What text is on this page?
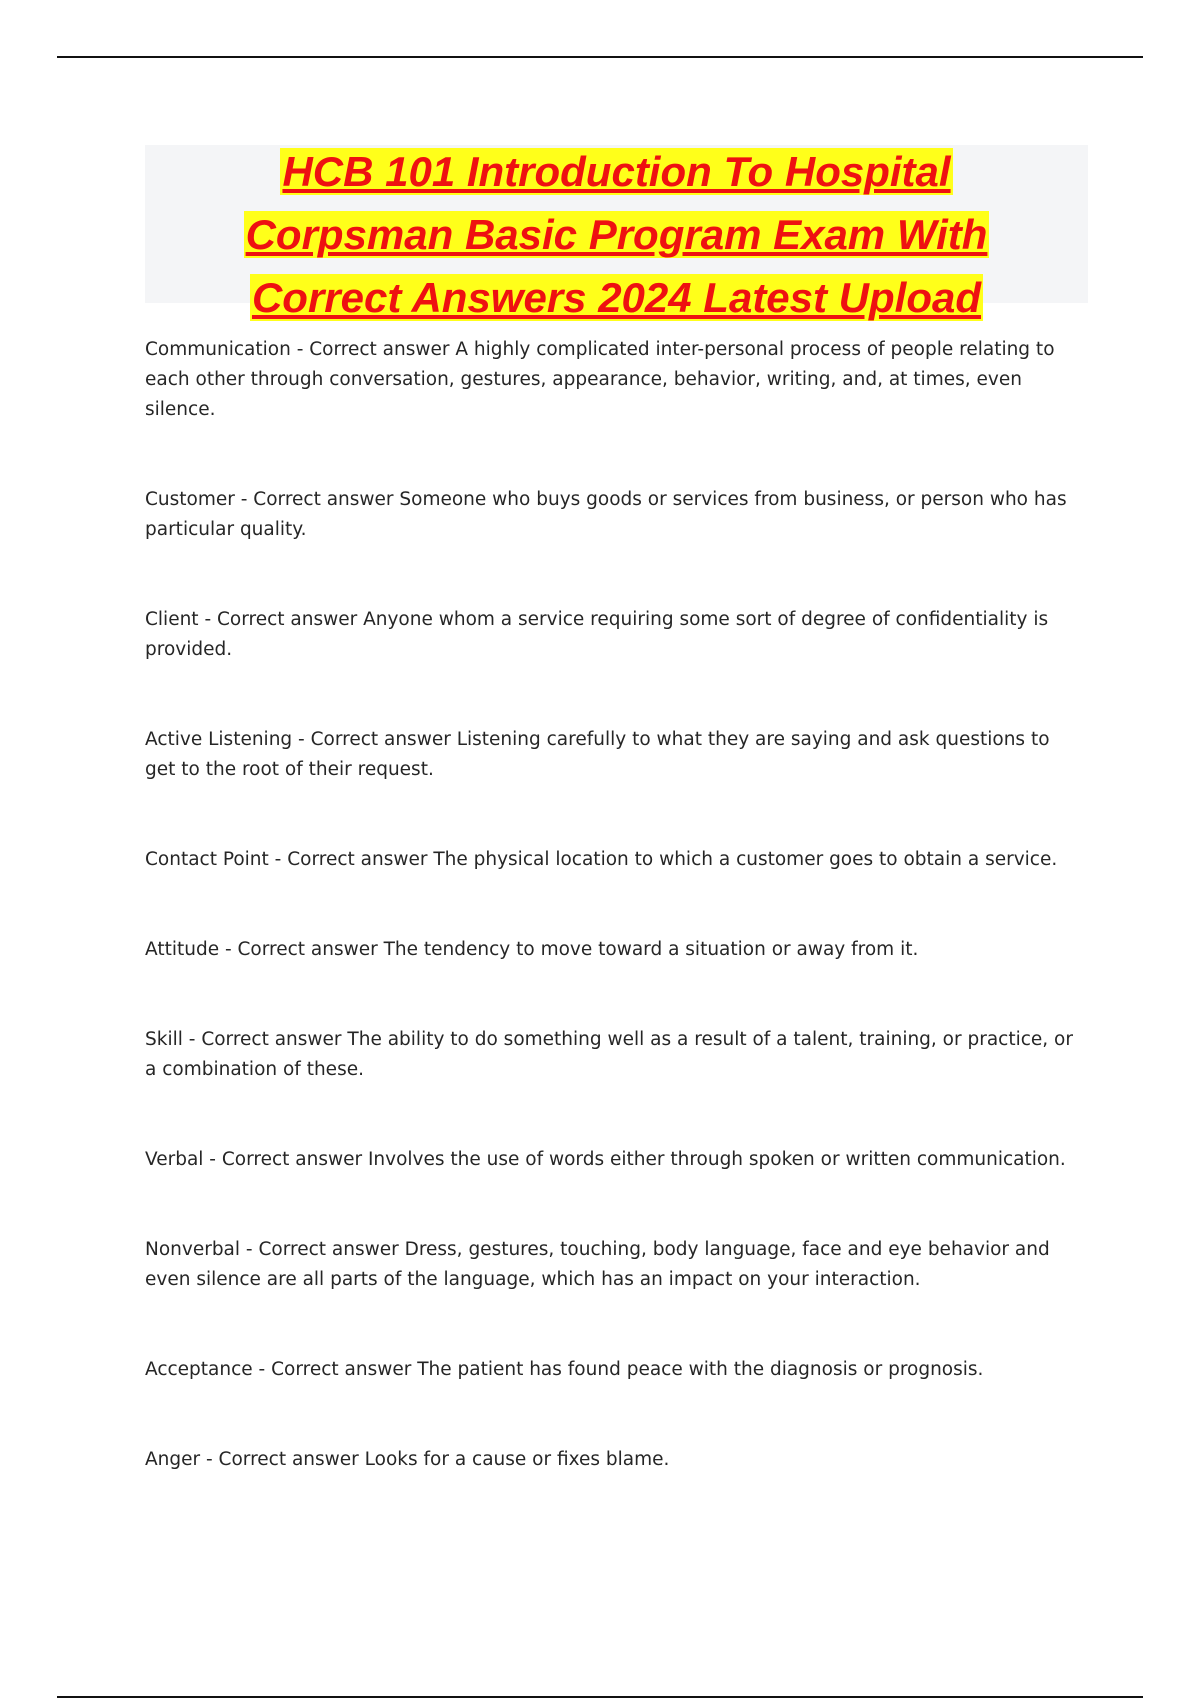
HCB 101 Introduction To Hospital

Corpsman Basic Program Exam With

Correct Answers 2024 Latest Upload

Communication - Correct answer A highly complicated inter-personal process of people relating to each other through conversation, gestures, appearance, behavior, writing, and, at times, even silence.

Customer - Correct answer Someone who buys goods or services from business, or person who has particular quality.

Client - Correct answer Anyone whom a service requiring some sort of degree of confidentiality is provided.

Active Listening - Correct answer Listening carefully to what they are saying and ask questions to get to the root of their request.

Contact Point - Correct answer The physical location to which a customer goes to obtain a service.

Attitude - Correct answer The tendency to move toward a situation or away from it.

Skill - Correct answer The ability to do something well as a result of a talent, training, or practice, or a combination of these.

Verbal - Correct answer Involves the use of words either through spoken or written communication.

Nonverbal - Correct answer Dress, gestures, touching, body language, face and eye behavior and even silence are all parts of the language, which has an impact on your interaction.

Acceptance - Correct answer The patient has found peace with the diagnosis or prognosis.

Anger - Correct answer Looks for a cause or fixes blame.
